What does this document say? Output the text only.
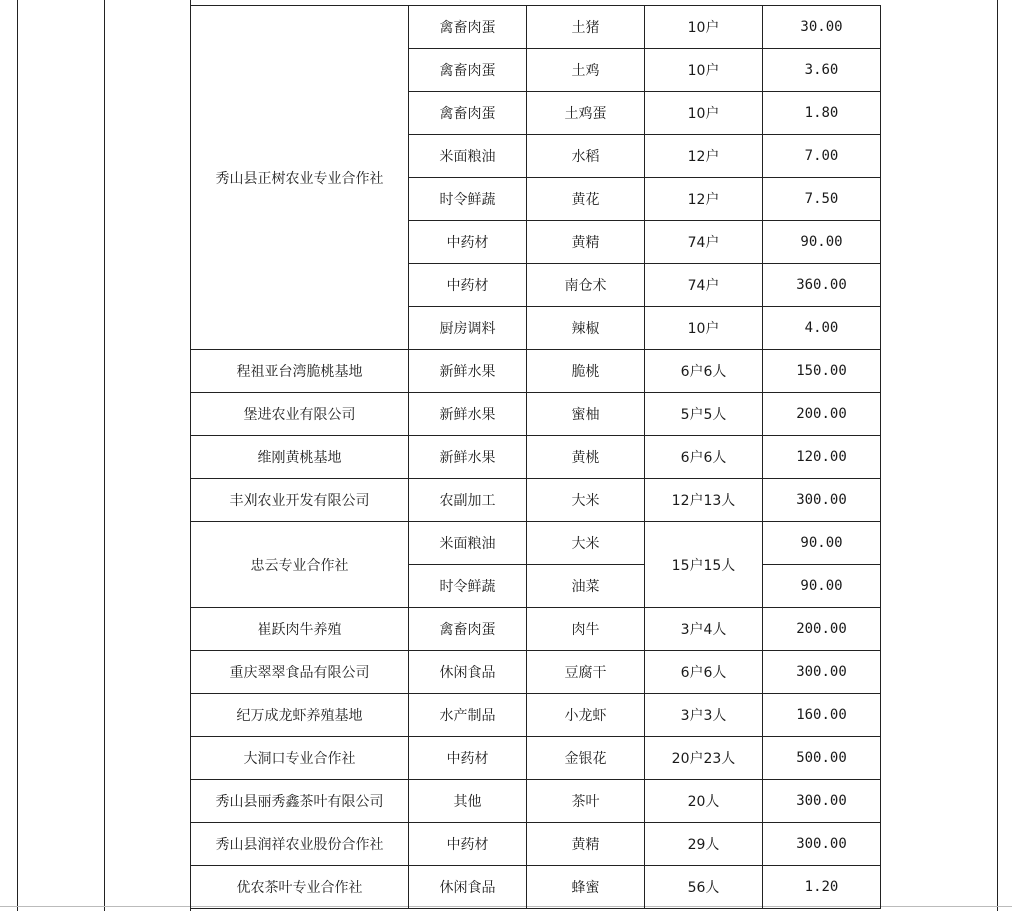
秀山县正树农业专业合作社	禽畜肉蛋	土猪	10户	30.00
	禽畜肉蛋	土鸡	10户	3.60
	禽畜肉蛋	土鸡蛋	10户	1.80
	米面粮油	水稻	12户	7.00
	时令鲜蔬	黄花	12户	7.50
	中药材	黄精	74户	90.00
	中药材	南仓术	74户	360.00
	厨房调料	辣椒	10户	4.00
程祖亚台湾脆桃基地	新鲜水果	脆桃	6户6人	150.00
堡进农业有限公司	新鲜水果	蜜柚	5户5人	200.00
维刚黄桃基地	新鲜水果	黄桃	6户6人	120.00
丰刈农业开发有限公司	农副加工	大米	12户13人	300.00
忠云专业合作社	米面粮油	大米	15户15人	90.00
	时令鲜蔬	油菜		90.00
崔跃肉牛养殖	禽畜肉蛋	肉牛	3户4人	200.00
重庆翠翠食品有限公司	休闲食品	豆腐干	6户6人	300.00
纪万成龙虾养殖基地	水产制品	小龙虾	3户3人	160.00
大洞口专业合作社	中药材	金银花	20户23人	500.00
秀山县丽秀鑫茶叶有限公司	其他	茶叶	20人	300.00
秀山县润祥农业股份合作社	中药材	黄精	29人	300.00
优农茶叶专业合作社	休闲食品	蜂蜜	56人	1.20
